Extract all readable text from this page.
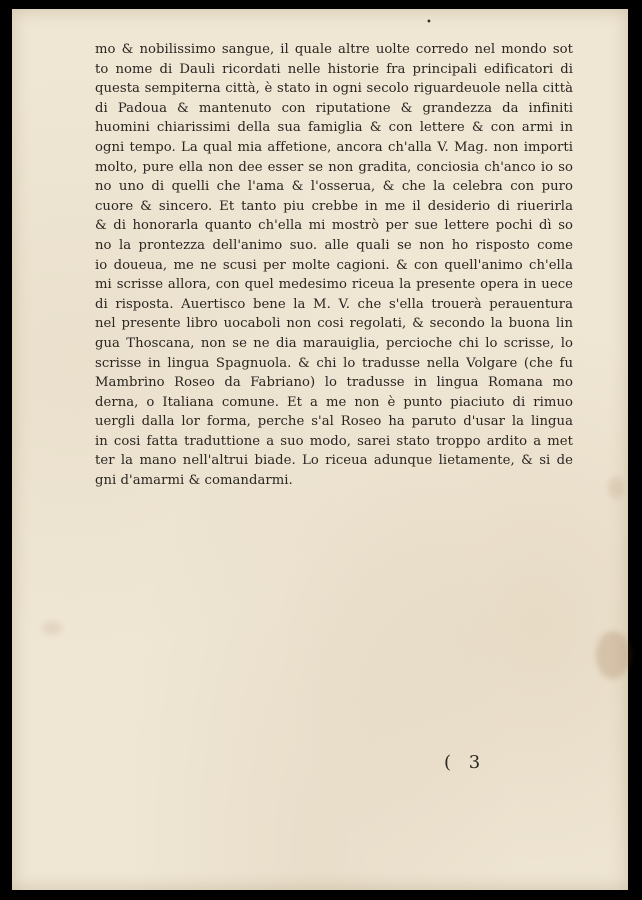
•
mo & nobilissimo sangue, il quale altre uolte corredo nel mondo sot
to nome di Dauli ricordati nelle historie fra principali edificatori di
questa sempiterna città, è stato in ogni secolo riguardeuole nella città
di Padoua & mantenuto con riputatione & grandezza da infiniti
huomini chiarissimi della sua famiglia & con lettere & con armi in
ogni tempo. La qual mia affetione, ancora ch'alla V. Mag. non importi
molto, pure ella non dee esser se non gradita, conciosia ch'anco io so
no uno di quelli che l'ama & l'osserua, & che la celebra con puro
cuore & sincero. Et tanto piu crebbe in me il desiderio di riuerirla
& di honorarla quanto ch'ella mi mostrò per sue lettere pochi dì so
no la prontezza dell'animo suo. alle quali se non ho risposto come
io doueua, me ne scusi per molte cagioni. & con quell'animo ch'ella
mi scrisse allora, con quel medesimo riceua la presente opera in uece
di risposta. Auertisco bene la M. V. che s'ella trouerà perauentura
nel presente libro uocaboli non cosi regolati, & secondo la buona lin
gua Thoscana, non se ne dia marauiglia, percioche chi lo scrisse, lo
scrisse in lingua Spagnuola. & chi lo tradusse nella Volgare (che fu
Mambrino Roseo da Fabriano) lo tradusse in lingua Romana mo
derna, o Italiana comune. Et a me non è punto piaciuto di rimuo
uergli dalla lor forma, perche s'al Roseo ha paruto d'usar la lingua
in cosi fatta traduttione a suo modo, sarei stato troppo ardito a met
ter la mano nell'altrui biade. Lo riceua adunque lietamente, & si de
gni d'amarmi & comandarmi.
( 3
